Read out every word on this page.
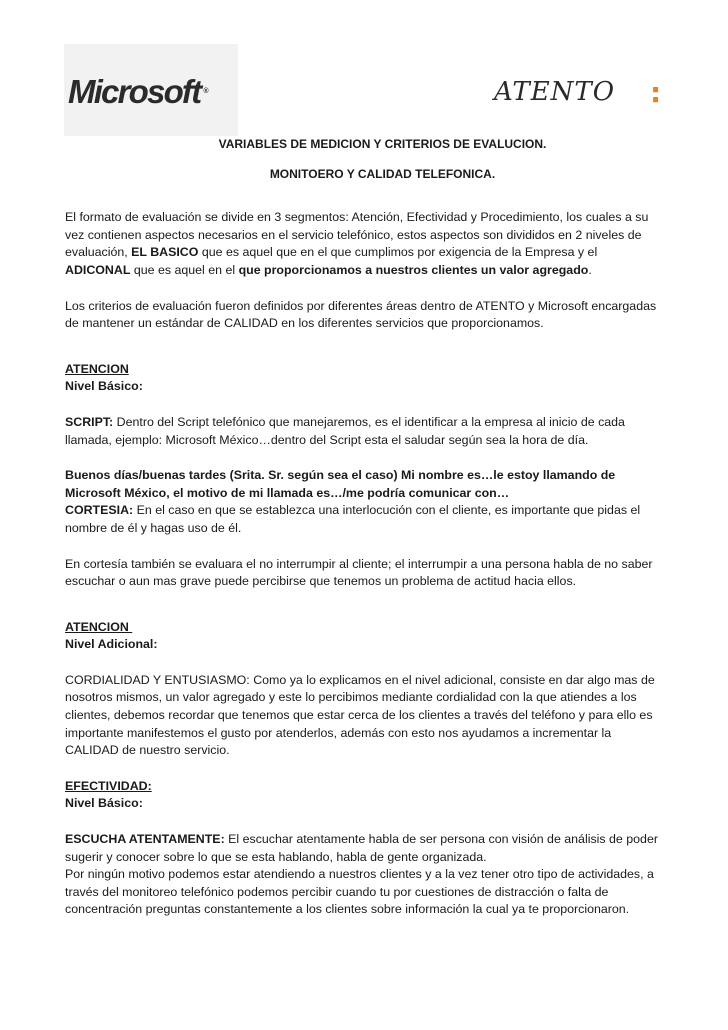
Microsoft ®	ATENTO :

VARIABLES DE MEDICION Y CRITERIOS DE EVALUCION.

MONITOERO Y CALIDAD TELEFONICA.

El formato de evaluación se divide en 3 segmentos: Atención, Efectividad y Procedimiento, los cuales a su vez contienen aspectos necesarios en el servicio telefónico, estos aspectos son divididos en 2 niveles de evaluación, EL BASICO que es aquel que en el que cumplimos por exigencia de la Empresa y el ADICONAL que es aquel en el que proporcionamos a nuestros clientes un valor agregado.

Los criterios de evaluación fueron definidos por diferentes áreas dentro de ATENTO y Microsoft encargadas de mantener un estándar de CALIDAD en los diferentes servicios que proporcionamos.

ATENCION

Nivel Básico:

SCRIPT: Dentro del Script telefónico que manejaremos, es el identificar a la empresa al inicio de cada llamada, ejemplo: Microsoft México…dentro del Script esta el saludar según sea la hora de día.

Buenos días/buenas tardes (Srita. Sr. según sea el caso) Mi nombre es…le estoy llamando de Microsoft México, el motivo de mi llamada es…/me podría comunicar con…

CORTESIA: En el caso en que se establezca una interlocución con el cliente, es importante que pidas el nombre de él y hagas uso de él.

En cortesía también se evaluara el no interrumpir al cliente; el interrumpir a una persona habla de no saber escuchar o aun mas grave puede percibirse que tenemos un problema de actitud hacia ellos.

ATENCION

Nivel Adicional:

CORDIALIDAD Y ENTUSIASMO: Como ya lo explicamos en el nivel adicional, consiste en dar algo mas de nosotros mismos, un valor agregado y este lo percibimos mediante cordialidad con la que atiendes a los clientes, debemos recordar que tenemos que estar cerca de los clientes a través del teléfono y para ello es importante manifestemos el gusto por atenderlos, además con esto nos ayudamos a incrementar la CALIDAD de nuestro servicio.

EFECTIVIDAD:

Nivel Básico:

ESCUCHA ATENTAMENTE: El escuchar atentamente habla de ser persona con visión de análisis de poder sugerir y conocer sobre lo que se esta hablando, habla de gente organizada.

Por ningún motivo podemos estar atendiendo a nuestros clientes y a la vez tener otro tipo de actividades, a través del monitoreo telefónico podemos percibir cuando tu por cuestiones de distracción o falta de concentración preguntas constantemente a los clientes sobre información la cual ya te proporcionaron.
